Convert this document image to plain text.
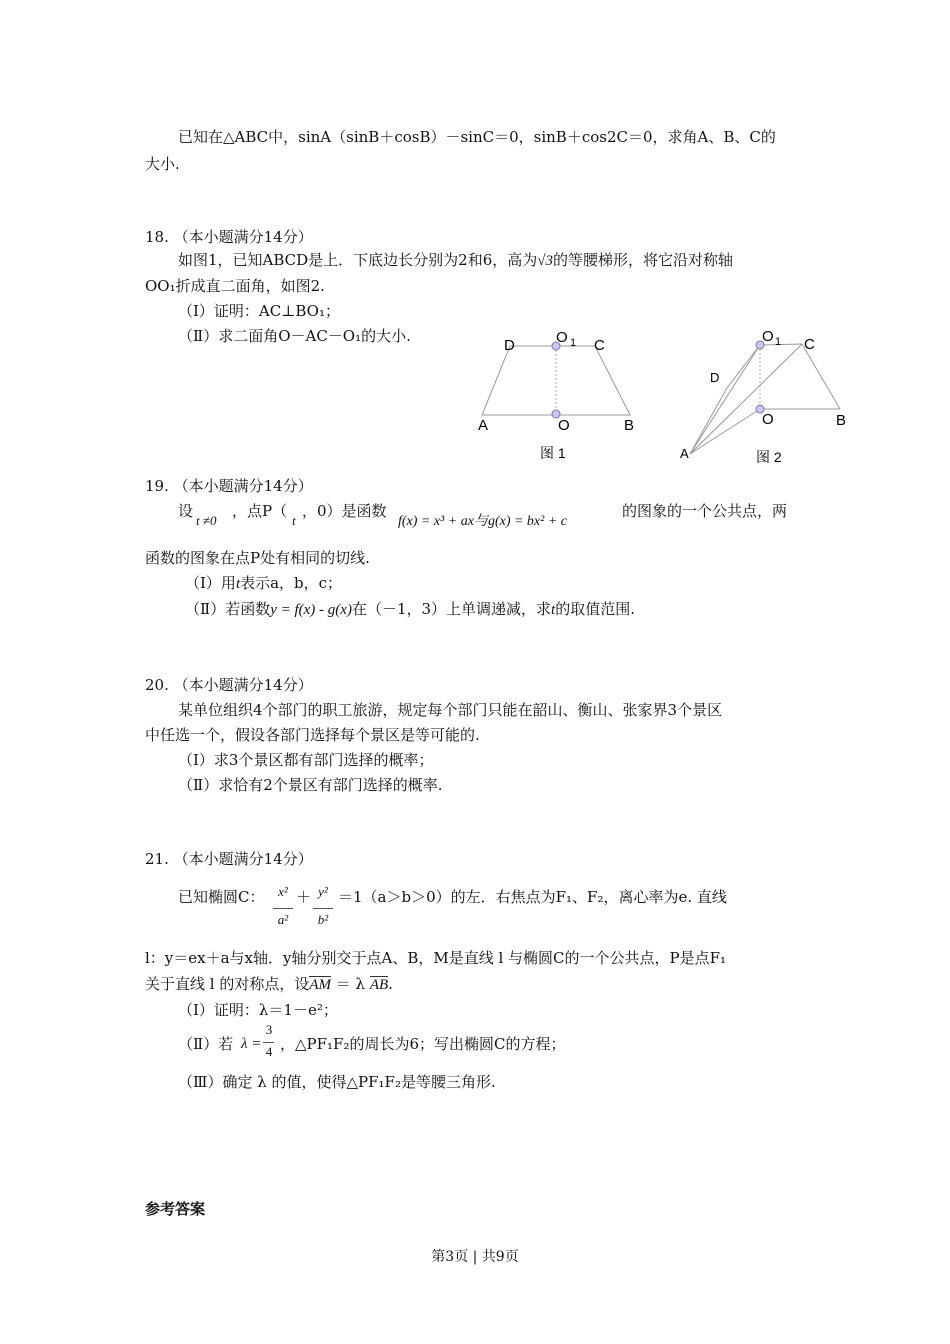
已知在△ABC中，sinA（sinB＋cosB）－sinC＝0，sinB＋cos2C＝0，求角A、B、C的
大小.
18. （本小题满分14分）
如图1，已知ABCD是上．下底边长分别为2和6，高为√3的等腰梯形，将它沿对称轴
OO₁折成直二面角，如图2.
（Ⅰ）证明：AC⊥BO₁；
（Ⅱ）求二面角O－AC－O₁的大小.
D	O 1 C
A	O	B
图 1
O 1 C
D
O	B
A	图 2
19. （本小题满分14分）
设
t ≠0
，点P（
t
，0）是函数
f(x) = x³ + ax与g(x) = bx² + c
的图象的一个公共点，两
函数的图象在点P处有相同的切线.
（Ⅰ）用t表示a，b，c；
（Ⅱ）若函数y = f(x) - g(x)在（－1，3）上单调递减，求t的取值范围.
20. （本小题满分14分）
某单位组织4个部门的职工旅游，规定每个部门只能在韶山、衡山、张家界3个景区
中任选一个，假设各部门选择每个景区是等可能的.
（Ⅰ）求3个景区都有部门选择的概率；
（Ⅱ）求恰有2个景区有部门选择的概率.
21. （本小题满分14分）
已知椭圆C：	x²
a²
＋ y²
b²
＝1（a＞b＞0）的左．右焦点为F₁、F₂，离心率为e. 直线
l：y＝ex＋a与x轴．y轴分别交于点A、B，M是直线 l 与椭圆C的一个公共点，P是点F₁
关于直线 l 的对称点，设AM ＝ λ AB.
（Ⅰ）证明：λ＝1－e²；
（Ⅱ）若 λ =
3
4 ，△PF₁F₂的周长为6；写出椭圆C的方程；
（Ⅲ）确定 λ 的值，使得△PF₁F₂是等腰三角形.
参考答案
第3页 | 共9页
